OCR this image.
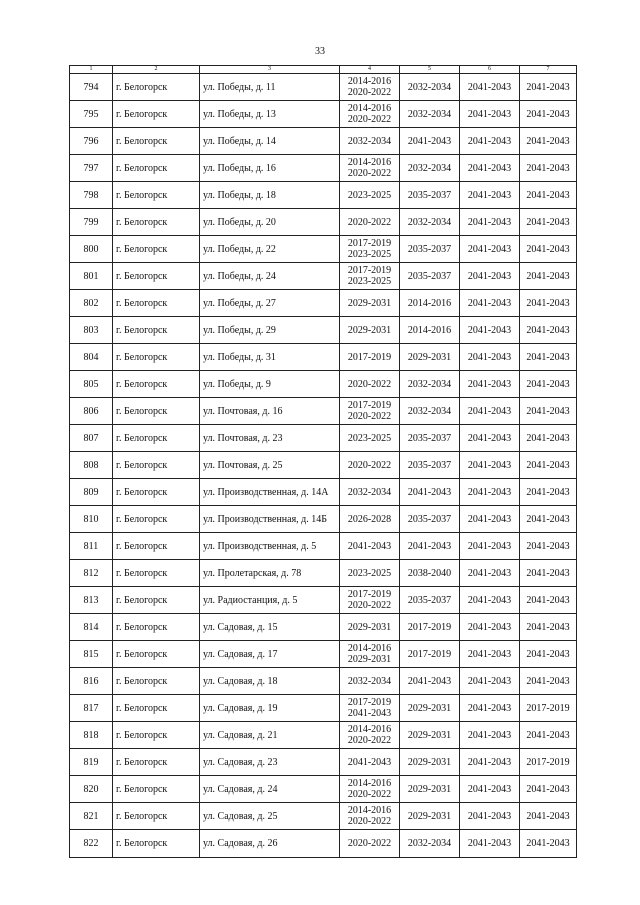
33
1	2	3	4	5	6	7
794	г. Белогорск	ул. Победы, д. 11	2014-2016
2020-2022	2032-2034	2041-2043	2041-2043
795	г. Белогорск	ул. Победы, д. 13	2014-2016
2020-2022	2032-2034	2041-2043	2041-2043
796	г. Белогорск	ул. Победы, д. 14	2032-2034	2041-2043	2041-2043	2041-2043
797	г. Белогорск	ул. Победы, д. 16	2014-2016
2020-2022	2032-2034	2041-2043	2041-2043
798	г. Белогорск	ул. Победы, д. 18	2023-2025	2035-2037	2041-2043	2041-2043
799	г. Белогорск	ул. Победы, д. 20	2020-2022	2032-2034	2041-2043	2041-2043
800	г. Белогорск	ул. Победы, д. 22	2017-2019
2023-2025	2035-2037	2041-2043	2041-2043
801	г. Белогорск	ул. Победы, д. 24	2017-2019
2023-2025	2035-2037	2041-2043	2041-2043
802	г. Белогорск	ул. Победы, д. 27	2029-2031	2014-2016	2041-2043	2041-2043
803	г. Белогорск	ул. Победы, д. 29	2029-2031	2014-2016	2041-2043	2041-2043
804	г. Белогорск	ул. Победы, д. 31	2017-2019	2029-2031	2041-2043	2041-2043
805	г. Белогорск	ул. Победы, д. 9	2020-2022	2032-2034	2041-2043	2041-2043
806	г. Белогорск	ул. Почтовая, д. 16	2017-2019
2020-2022	2032-2034	2041-2043	2041-2043
807	г. Белогорск	ул. Почтовая, д. 23	2023-2025	2035-2037	2041-2043	2041-2043
808	г. Белогорск	ул. Почтовая, д. 25	2020-2022	2035-2037	2041-2043	2041-2043
809	г. Белогорск	ул. Производственная, д. 14А	2032-2034	2041-2043	2041-2043	2041-2043
810	г. Белогорск	ул. Производственная, д. 14Б	2026-2028	2035-2037	2041-2043	2041-2043
811	г. Белогорск	ул. Производственная, д. 5	2041-2043	2041-2043	2041-2043	2041-2043
812	г. Белогорск	ул. Пролетарская, д. 78	2023-2025	2038-2040	2041-2043	2041-2043
813	г. Белогорск	ул. Радиостанция, д. 5	2017-2019
2020-2022	2035-2037	2041-2043	2041-2043
814	г. Белогорск	ул. Садовая, д. 15	2029-2031	2017-2019	2041-2043	2041-2043
815	г. Белогорск	ул. Садовая, д. 17	2014-2016
2029-2031	2017-2019	2041-2043	2041-2043
816	г. Белогорск	ул. Садовая, д. 18	2032-2034	2041-2043	2041-2043	2041-2043
817	г. Белогорск	ул. Садовая, д. 19	2017-2019
2041-2043	2029-2031	2041-2043	2017-2019
818	г. Белогорск	ул. Садовая, д. 21	2014-2016
2020-2022	2029-2031	2041-2043	2041-2043
819	г. Белогорск	ул. Садовая, д. 23	2041-2043	2029-2031	2041-2043	2017-2019
820	г. Белогорск	ул. Садовая, д. 24	2014-2016
2020-2022	2029-2031	2041-2043	2041-2043
821	г. Белогорск	ул. Садовая, д. 25	2014-2016
2020-2022	2029-2031	2041-2043	2041-2043
822	г. Белогорск	ул. Садовая, д. 26	2020-2022	2032-2034	2041-2043	2041-2043
